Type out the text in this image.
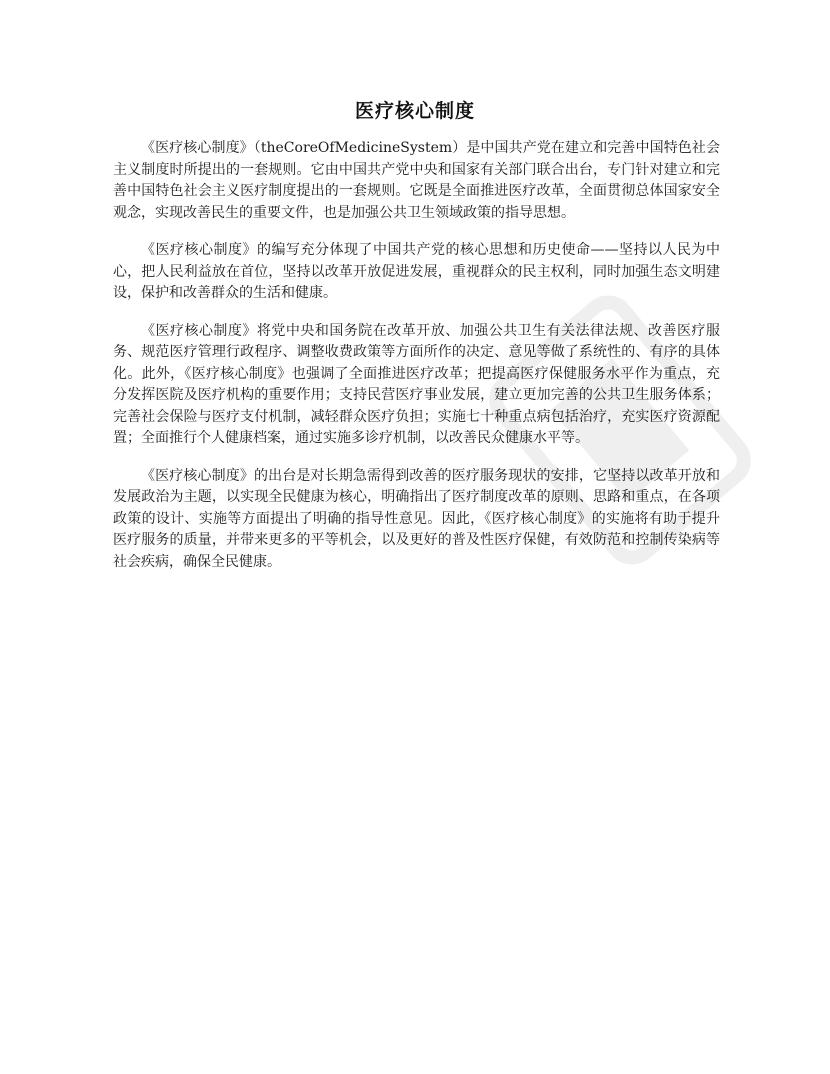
医疗核心制度

《医疗核心制度》（theCoreOfMedicineSystem）是中国共产党在建立和完善中国特色社会主义制度时所提出的一套规则。它由中国共产党中央和国家有关部门联合出台，专门针对建立和完善中国特色社会主义医疗制度提出的一套规则。它既是全面推进医疗改革，全面贯彻总体国家安全观念，实现改善民生的重要文件，也是加强公共卫生领域政策的指导思想。

《医疗核心制度》的编写充分体现了中国共产党的核心思想和历史使命——坚持以人民为中心，把人民利益放在首位，坚持以改革开放促进发展，重视群众的民主权利，同时加强生态文明建设，保护和改善群众的生活和健康。

《医疗核心制度》将党中央和国务院在改革开放、加强公共卫生有关法律法规、改善医疗服务、规范医疗管理行政程序、调整收费政策等方面所作的决定、意见等做了系统性的、有序的具体化。此外，《医疗核心制度》也强调了全面推进医疗改革；把提高医疗保健服务水平作为重点，充分发挥医院及医疗机构的重要作用；支持民营医疗事业发展，建立更加完善的公共卫生服务体系；完善社会保险与医疗支付机制，减轻群众医疗负担；实施七十种重点病包括治疗，充实医疗资源配置；全面推行个人健康档案，通过实施多诊疗机制，以改善民众健康水平等。

《医疗核心制度》的出台是对长期急需得到改善的医疗服务现状的安排，它坚持以改革开放和发展政治为主题，以实现全民健康为核心，明确指出了医疗制度改革的原则、思路和重点，在各项政策的设计、实施等方面提出了明确的指导性意见。因此，《医疗核心制度》的实施将有助于提升医疗服务的质量，并带来更多的平等机会，以及更好的普及性医疗保健，有效防范和控制传染病等社会疾病，确保全民健康。
